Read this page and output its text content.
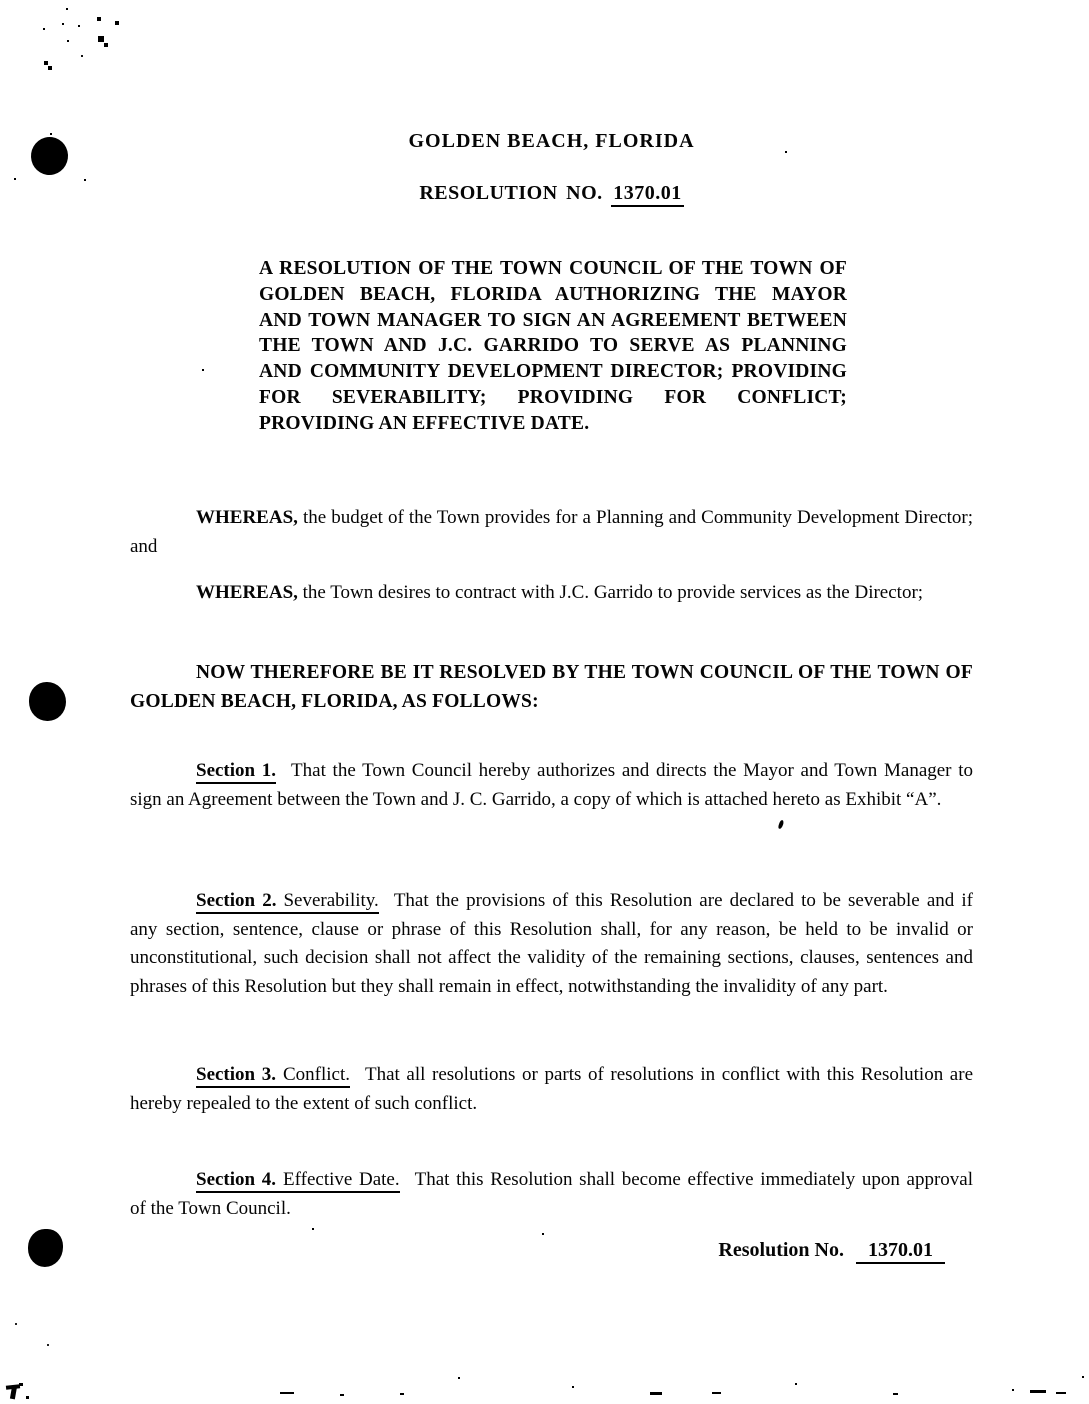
GOLDEN BEACH, FLORIDA
RESOLUTION NO. 1370.01
A RESOLUTION OF THE TOWN COUNCIL OF THE TOWN OF
GOLDEN BEACH, FLORIDA AUTHORIZING THE MAYOR
AND TOWN MANAGER TO SIGN AN AGREEMENT BETWEEN
THE TOWN AND J.C. GARRIDO TO SERVE AS PLANNING
AND COMMUNITY DEVELOPMENT DIRECTOR; PROVIDING
FOR SEVERABILITY; PROVIDING FOR CONFLICT;
PROVIDING AN EFFECTIVE DATE.
WHEREAS, the budget of the Town provides for a Planning and Community Development Director; and
WHEREAS, the Town desires to contract with J.C. Garrido to provide services as the Director;
NOW THEREFORE BE IT RESOLVED BY THE TOWN COUNCIL OF THE TOWN OF GOLDEN BEACH, FLORIDA, AS FOLLOWS:
Section 1. That the Town Council hereby authorizes and directs the Mayor and Town Manager to sign an Agreement between the Town and J. C. Garrido, a copy of which is attached hereto as Exhibit “A”.
Section 2. Severability. That the provisions of this Resolution are declared to be severable and if any section, sentence, clause or phrase of this Resolution shall, for any reason, be held to be invalid or unconstitutional, such decision shall not affect the validity of the remaining sections, clauses, sentences and phrases of this Resolution but they shall remain in effect, notwithstanding the invalidity of any part.
Section 3. Conflict. That all resolutions or parts of resolutions in conflict with this Resolution are hereby repealed to the extent of such conflict.
Section 4. Effective Date. That this Resolution shall become effective immediately upon approval of the Town Council.
Resolution No. 1370.01
